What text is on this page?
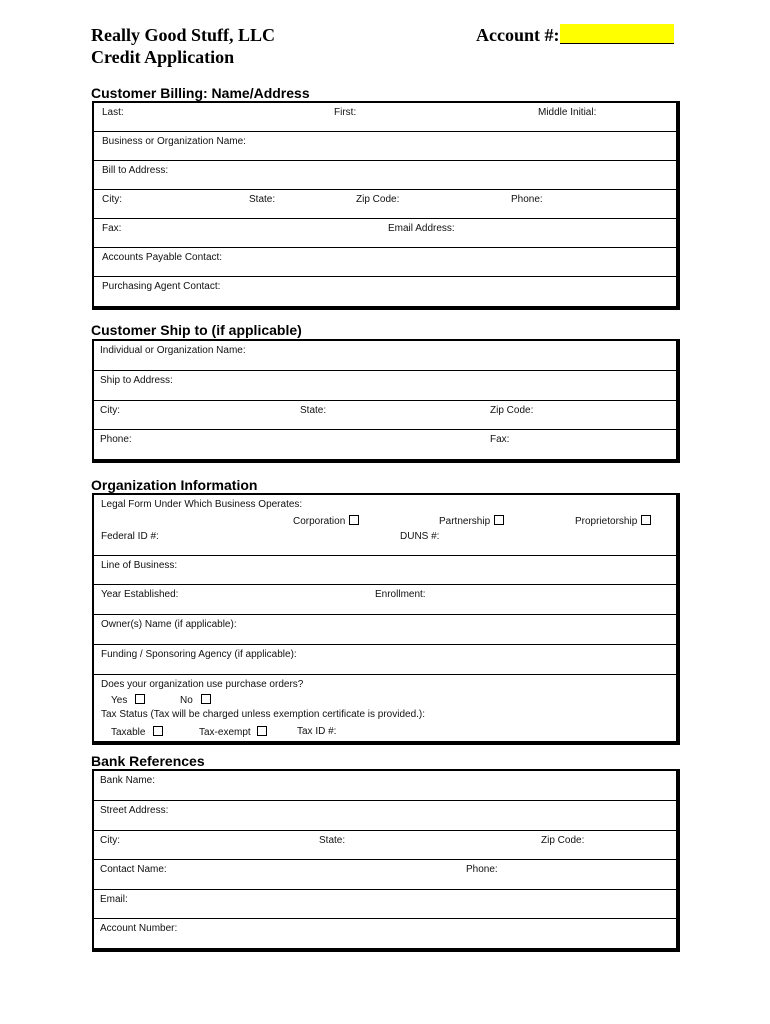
Really Good Stuff, LLC
Credit Application
Account #:
Customer Billing: Name/Address
Last:	First:	Middle Initial:
Business or Organization Name:
Bill to Address:
City:	State:	Zip Code:	Phone:
Fax:	Email Address:
Accounts Payable Contact:
Purchasing Agent Contact:
Customer Ship to (if applicable)
Individual or Organization Name:
Ship to Address:
City:	State:	Zip Code:
Phone:	Fax:
Organization Information
Legal Form Under Which Business Operates:
Corporation	Partnership	Proprietorship
Federal ID #:	DUNS #:
Line of Business:
Year Established:	Enrollment:
Owner(s) Name (if applicable):
Funding / Sponsoring Agency (if applicable):
Does your organization use purchase orders?
Yes	No
Tax Status (Tax will be charged unless exemption certificate is provided.):
Taxable	Tax-exempt	Tax ID #:
Bank References
Bank Name:
Street Address:
City:	State:	Zip Code:
Contact Name:	Phone:
Email:
Account Number:
